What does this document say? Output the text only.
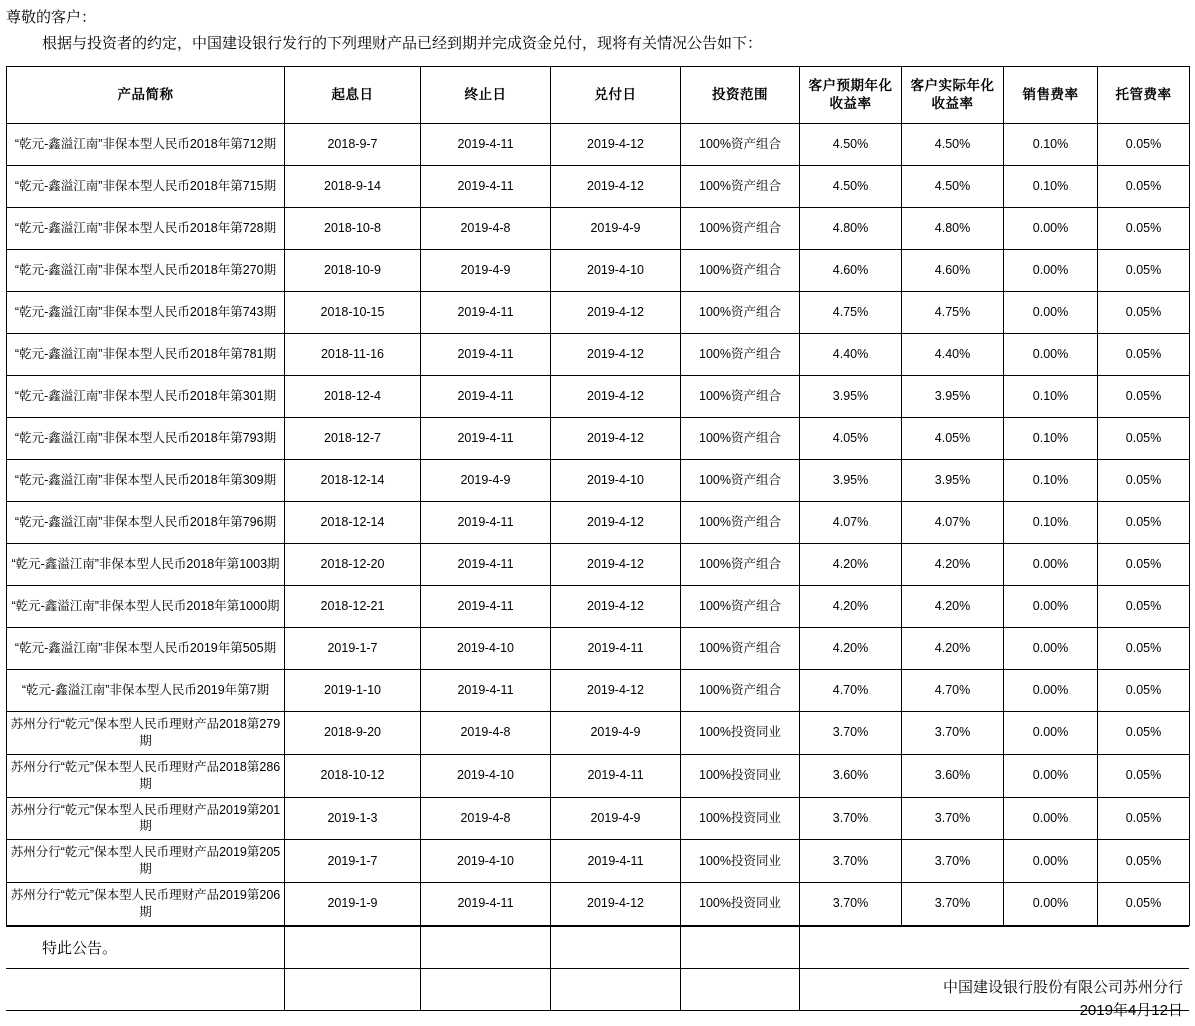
尊敬的客户：
根据与投资者的约定，中国建设银行发行的下列理财产品已经到期并完成资金兑付，现将有关情况公告如下：
产品简称	起息日	终止日	兑付日	投资范围	客户预期年化收益率	客户实际年化收益率	销售费率	托管费率
“乾元-鑫溢江南”非保本型人民币2018年第712期	2018-9-7	2019-4-11	2019-4-12	100%资产组合	4.50%	4.50%	0.10%	0.05%
“乾元-鑫溢江南”非保本型人民币2018年第715期	2018-9-14	2019-4-11	2019-4-12	100%资产组合	4.50%	4.50%	0.10%	0.05%
“乾元-鑫溢江南”非保本型人民币2018年第728期	2018-10-8	2019-4-8	2019-4-9	100%资产组合	4.80%	4.80%	0.00%	0.05%
“乾元-鑫溢江南”非保本型人民币2018年第270期	2018-10-9	2019-4-9	2019-4-10	100%资产组合	4.60%	4.60%	0.00%	0.05%
“乾元-鑫溢江南”非保本型人民币2018年第743期	2018-10-15	2019-4-11	2019-4-12	100%资产组合	4.75%	4.75%	0.00%	0.05%
“乾元-鑫溢江南”非保本型人民币2018年第781期	2018-11-16	2019-4-11	2019-4-12	100%资产组合	4.40%	4.40%	0.00%	0.05%
“乾元-鑫溢江南”非保本型人民币2018年第301期	2018-12-4	2019-4-11	2019-4-12	100%资产组合	3.95%	3.95%	0.10%	0.05%
“乾元-鑫溢江南”非保本型人民币2018年第793期	2018-12-7	2019-4-11	2019-4-12	100%资产组合	4.05%	4.05%	0.10%	0.05%
“乾元-鑫溢江南”非保本型人民币2018年第309期	2018-12-14	2019-4-9	2019-4-10	100%资产组合	3.95%	3.95%	0.10%	0.05%
“乾元-鑫溢江南”非保本型人民币2018年第796期	2018-12-14	2019-4-11	2019-4-12	100%资产组合	4.07%	4.07%	0.10%	0.05%
“乾元-鑫溢江南”非保本型人民币2018年第1003期	2018-12-20	2019-4-11	2019-4-12	100%资产组合	4.20%	4.20%	0.00%	0.05%
“乾元-鑫溢江南”非保本型人民币2018年第1000期	2018-12-21	2019-4-11	2019-4-12	100%资产组合	4.20%	4.20%	0.00%	0.05%
“乾元-鑫溢江南”非保本型人民币2019年第505期	2019-1-7	2019-4-10	2019-4-11	100%资产组合	4.20%	4.20%	0.00%	0.05%
“乾元-鑫溢江南”非保本型人民币2019年第7期	2019-1-10	2019-4-11	2019-4-12	100%资产组合	4.70%	4.70%	0.00%	0.05%
苏州分行“乾元”保本型人民币理财产品2018第279期	2018-9-20	2019-4-8	2019-4-9	100%投资同业	3.70%	3.70%	0.00%	0.05%
苏州分行“乾元”保本型人民币理财产品2018第286期	2018-10-12	2019-4-10	2019-4-11	100%投资同业	3.60%	3.60%	0.00%	0.05%
苏州分行“乾元”保本型人民币理财产品2019第201期	2019-1-3	2019-4-8	2019-4-9	100%投资同业	3.70%	3.70%	0.00%	0.05%
苏州分行“乾元”保本型人民币理财产品2019第205期	2019-1-7	2019-4-10	2019-4-11	100%投资同业	3.70%	3.70%	0.00%	0.05%
苏州分行“乾元”保本型人民币理财产品2019第206期	2019-1-9	2019-4-11	2019-4-12	100%投资同业	3.70%	3.70%	0.00%	0.05%
特此公告。								

中国建设银行股份有限公司苏州分行
2019年4月12日
